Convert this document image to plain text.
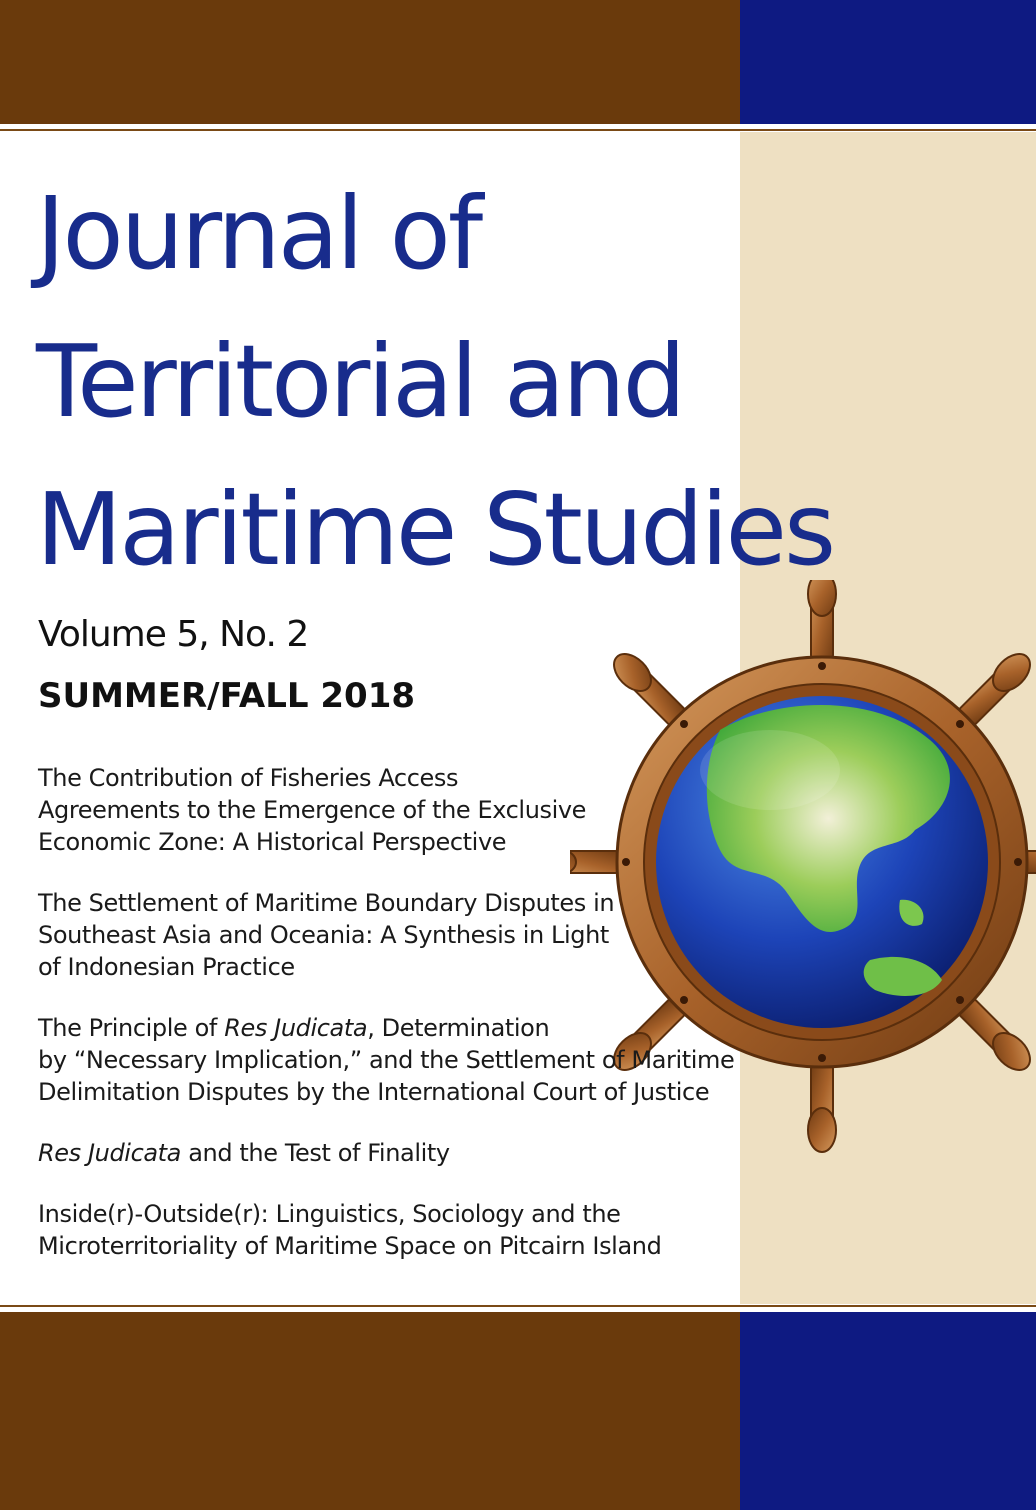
Journal of
Territorial and
Maritime Studies
Volume 5, No. 2
SUMMER/FALL 2018
The Contribution of Fisheries Access
Agreements to the Emergence of the Exclusive
Economic Zone: A Historical Perspective
The Settlement of Maritime Boundary Disputes in
Southeast Asia and Oceania: A Synthesis in Light
of Indonesian Practice
The Principle of Res Judicata, Determination
by “Necessary Implication,” and the Settlement of Maritime
Delimitation Disputes by the International Court of Justice
Res Judicata and the Test of Finality
Inside(r)-Outside(r): Linguistics, Sociology and the
Microterritoriality of Maritime Space on Pitcairn Island
